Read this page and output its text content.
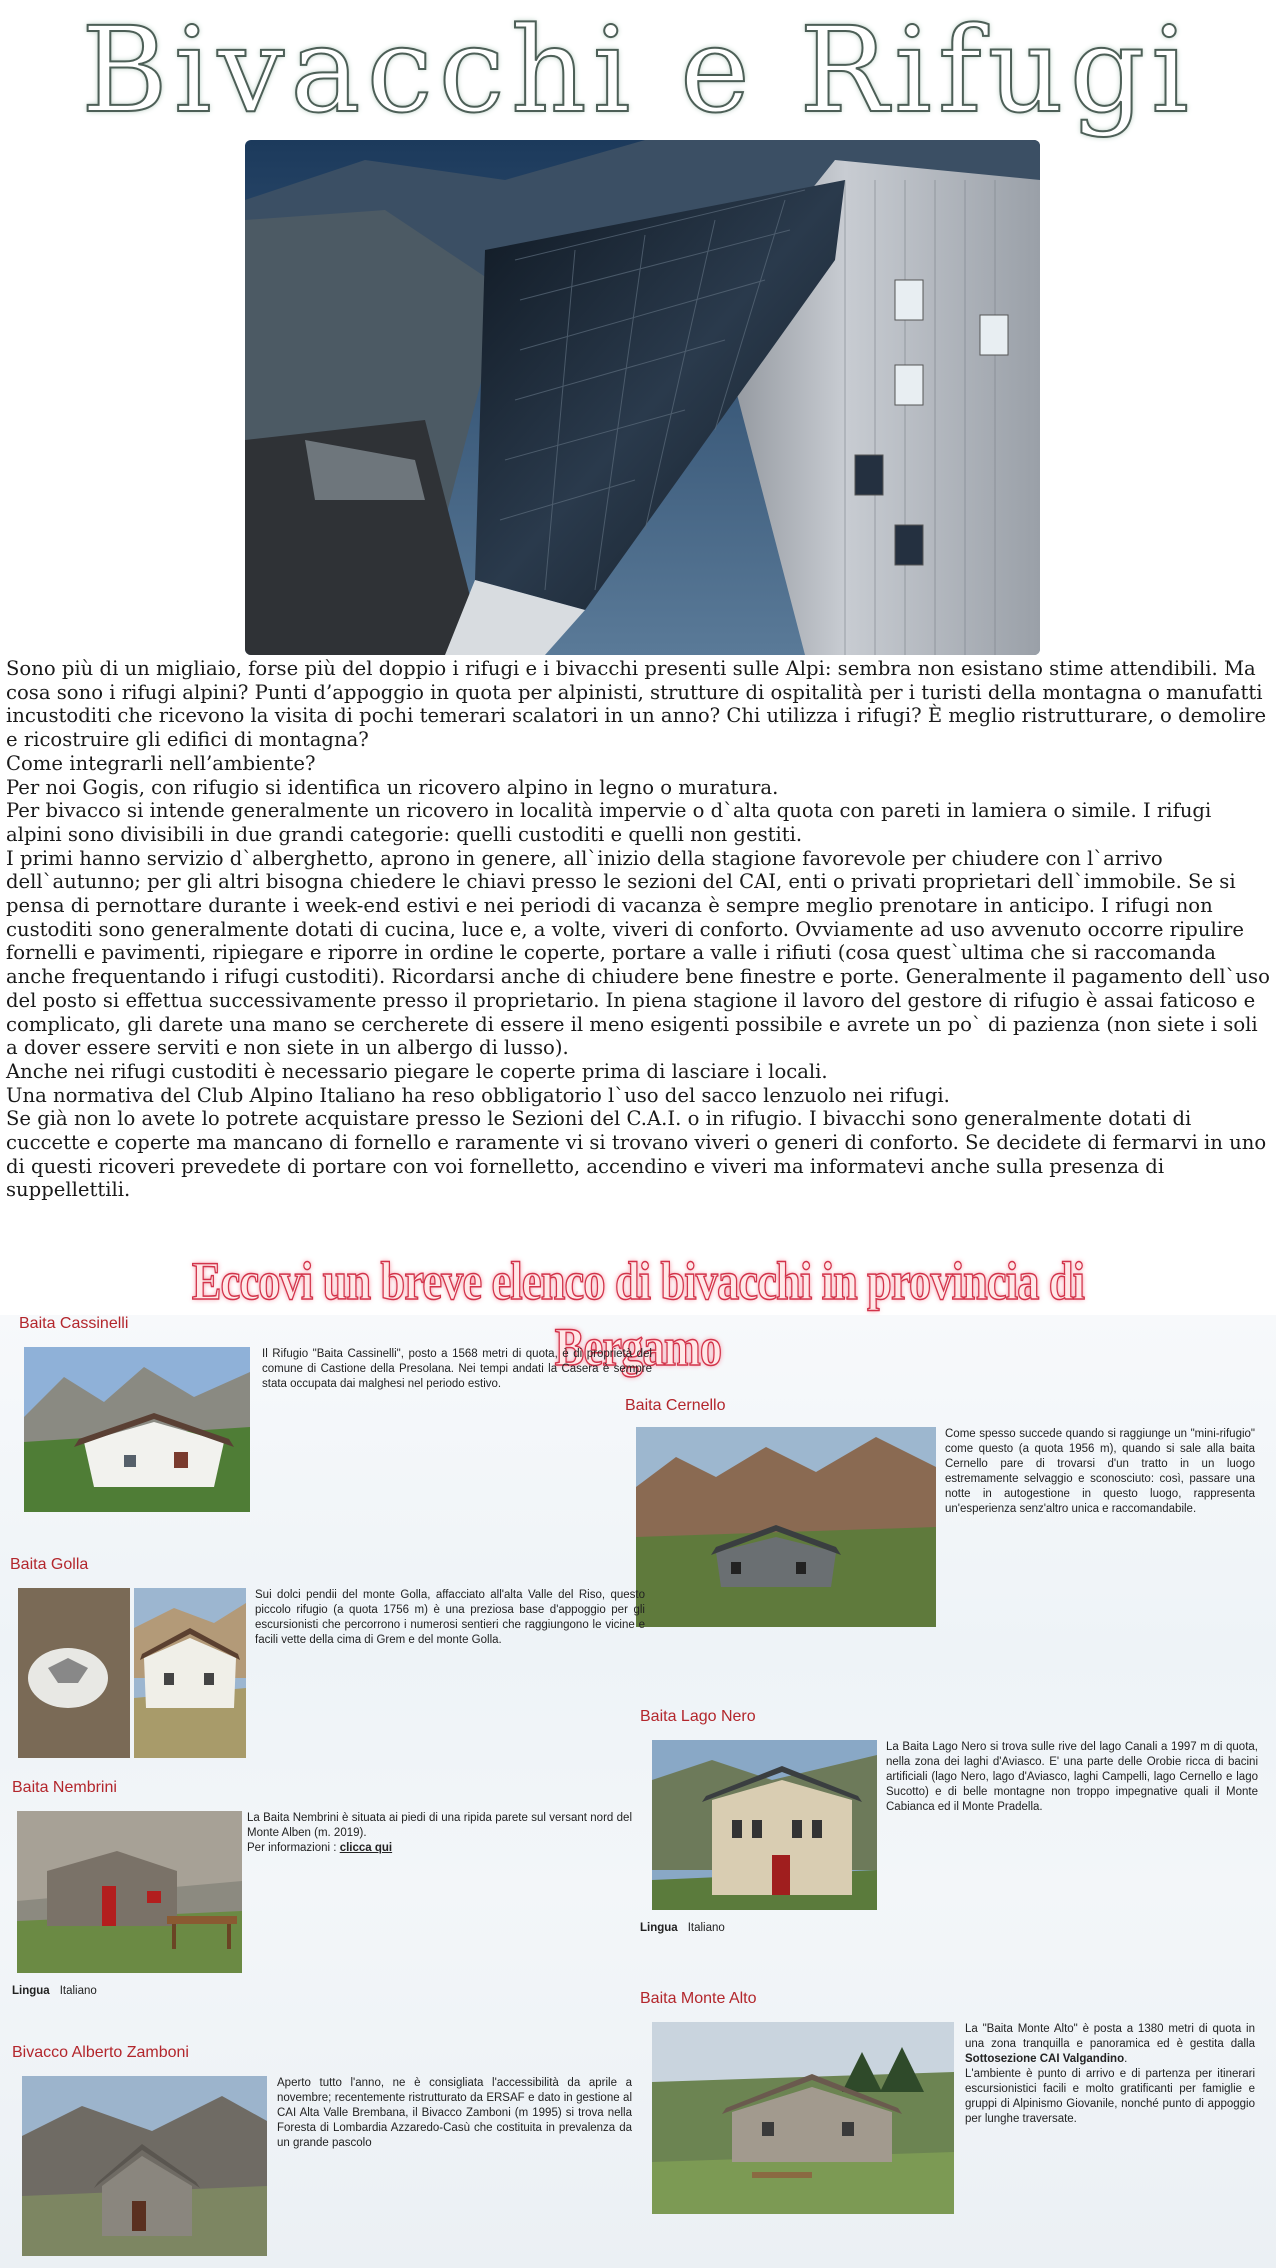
Bivacchi e Rifugi

Sono più di un migliaio, forse più del doppio i rifugi e i bivacchi presenti sulle Alpi: sembra non esistano stime attendibili. Ma cosa sono i rifugi alpini? Punti d’appoggio in quota per alpinisti, strutture di ospitalità per i turisti della montagna o manufatti incustoditi che ricevono la visita di pochi temerari scalatori in un anno? Chi utilizza i rifugi? È meglio ristrutturare, o demolire e ricostruire gli edifici di montagna?

Come integrarli nell’ambiente?

Per noi Gogis, con rifugio si identifica un ricovero alpino in legno o muratura.

Per bivacco si intende generalmente un ricovero in località impervie o d`alta quota con pareti in lamiera o simile. I rifugi alpini sono divisibili in due grandi categorie: quelli custoditi e quelli non gestiti.

I primi hanno servizio d`alberghetto, aprono in genere, all`inizio della stagione favorevole per chiudere con l`arrivo dell`autunno; per gli altri bisogna chiedere le chiavi presso le sezioni del CAI, enti o privati proprietari dell`immobile. Se si pensa di pernottare durante i week-end estivi e nei periodi di vacanza è sempre meglio prenotare in anticipo. I rifugi non custoditi sono generalmente dotati di cucina, luce e, a volte, viveri di conforto. Ovviamente ad uso avvenuto occorre ripulire fornelli e pavimenti, ripiegare e riporre in ordine le coperte, portare a valle i rifiuti (cosa quest`ultima che si raccomanda anche frequentando i rifugi custoditi). Ricordarsi anche di chiudere bene finestre e porte. Generalmente il pagamento dell`uso del posto si effettua successivamente presso il proprietario. In piena stagione il lavoro del gestore di rifugio è assai faticoso e complicato, gli darete una mano se cercherete di essere il meno esigenti possibile e avrete un po` di pazienza (non siete i soli a dover essere serviti e non siete in un albergo di lusso).

Anche nei rifugi custoditi è necessario piegare le coperte prima di lasciare i locali.

Una normativa del Club Alpino Italiano ha reso obbligatorio l`uso del sacco lenzuolo nei rifugi.

Se già non lo avete lo potrete acquistare presso le Sezioni del C.A.I. o in rifugio. I bivacchi sono generalmente dotati di cuccette e coperte ma mancano di fornello e raramente vi si trovano viveri o generi di conforto. Se decidete di fermarvi in uno di questi ricoveri prevedete di portare con voi fornelletto, accendino e viveri ma informatevi anche sulla presenza di suppellettili.

Eccovi un breve elenco di bivacchi in provincia di Bergamo
Baita Cassinelli
Il Rifugio "Baita Cassinelli", posto a 1568 metri di quota, è di proprietà del comune di Castione della Presolana. Nei tempi andati la Casera è sempre stata occupata dai malghesi nel periodo estivo.
Baita Cernello
Come spesso succede quando si raggiunge un "mini-rifugio" come questo (a quota 1956 m), quando si sale alla baita Cernello pare di trovarsi d'un tratto in un luogo estremamente selvaggio e sconosciuto: così, passare una notte in autogestione in questo luogo, rappresenta un'esperienza senz'altro unica e raccomandabile.
Baita Golla
Sui dolci pendii del monte Golla, affacciato all'alta Valle del Riso, questo piccolo rifugio (a quota 1756 m) è una preziosa base d'appoggio per gli escursionisti che percorrono i numerosi sentieri che raggiungono le vicine e facili vette della cima di Grem e del monte Golla.
Baita Lago Nero
La Baita Lago Nero si trova sulle rive del lago Canali a 1997 m di quota, nella zona dei laghi d'Aviasco. E' una parte delle Orobie ricca di bacini artificiali (lago Nero, lago d'Aviasco, laghi Campelli, lago Cernello e lago Sucotto) e di belle montagne non troppo impegnative quali il Monte Cabianca ed il Monte Pradella.
Lingua Italiano
Baita Nembrini
La Baita Nembrini è situata ai piedi di una ripida parete sul versant nord del Monte Alben (m. 2019).
Per informazioni : clicca qui
Lingua Italiano	Baita Monte Alto
La "Baita Monte Alto" è posta a 1380 metri di quota in una zona tranquilla e panoramica ed è gestita dalla Sottosezione CAI Valgandino.
L'ambiente è punto di arrivo e di partenza per itinerari escursionistici facili e molto gratificanti per famiglie e gruppi di Alpinismo Giovanile, nonché punto di appoggio per lunghe traversate.
Bivacco Alberto Zamboni
Aperto tutto l'anno, ne è consigliata l'accessibilità da aprile a novembre; recentemente ristrutturato da ERSAF e dato in gestione al CAI Alta Valle Brembana, il Bivacco Zamboni (m 1995) si trova nella Foresta di Lombardia Azzaredo-Casù che costituita in prevalenza da un grande pascolo
